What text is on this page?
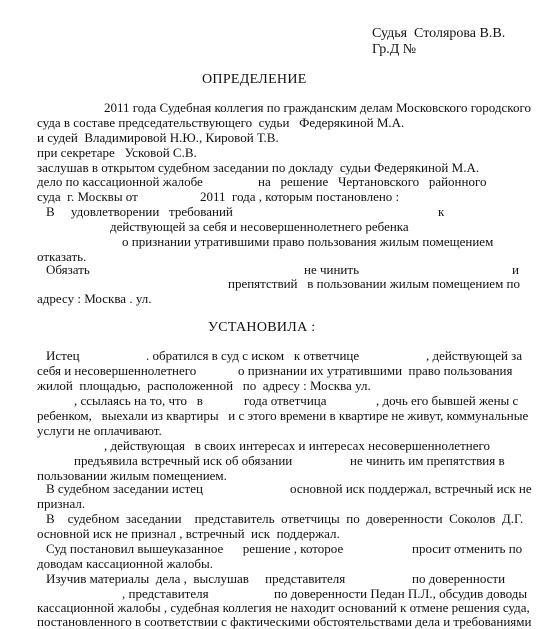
Судья  Столярова В.В.
Гр.Д №
ОПРЕДЕЛЕНИЕ
2011 года Судебная коллегия по гражданским делам Московского городского
суда в составе председательствующего  судьи   Федерякиной М.А.
и судей  Владимировой Н.Ю., Кировой Т.В.
при секретаре   Усковой С.В.
заслушав в открытом судебном заседании по докладу  судьи Федерякиной М.А.
дело по кассационной жалобе	на   решение   Чертановского   районного
суда  г. Москвы от	2011  года , которым постановлено :
В     удовлетворении   требований	к
действующей за себя и несовершеннолетнего ребенка
о признании утратившими право пользования жилым помещением
отказать.
Обязать	не чинить	и
препятствий   в пользовании жилым помещением по
адресу : Москва . ул.
УСТАНОВИЛА :
Истец	. обратился в суд с иском   к ответчице	, действующей за
себя и несовершеннолетнего	о признании их утратившими  право пользования
жилой  площадью,  расположенной   по  адресу : Москва ул.
, ссылаясь на то, что   в	года ответчица	, дочь его бывшей жены с
ребенком,   выехали из квартиры   и с этого времени в квартире не живут, коммунальные
услуги не оплачивают.
, действующая   в своих интересах и интересах несовершеннолетнего
предъявила встречный иск об обязании	не чинить им препятствия в
пользовании жилым помещением.
В судебном заседании истец	основной иск поддержал, встречный иск не
признал.
В    судебном  заседании    представитель  ответчицы  по  доверенности  Соколов  Д.Г.
основной иск не признал , встречный  иск  поддержал.
Суд постановил вышеуказанное      решение , которое	просит отменить по
доводам кассационной жалобы.
Изучив материалы  дела ,  выслушав     представителя	по доверенности
, представителя	по доверенности Педан П.Л., обсудив доводы
кассационной жалобы , судебная коллегия не находит оснований к отмене решения суда,
постановленного в соответствии с фактическими обстоятельствами дела и требованиями
